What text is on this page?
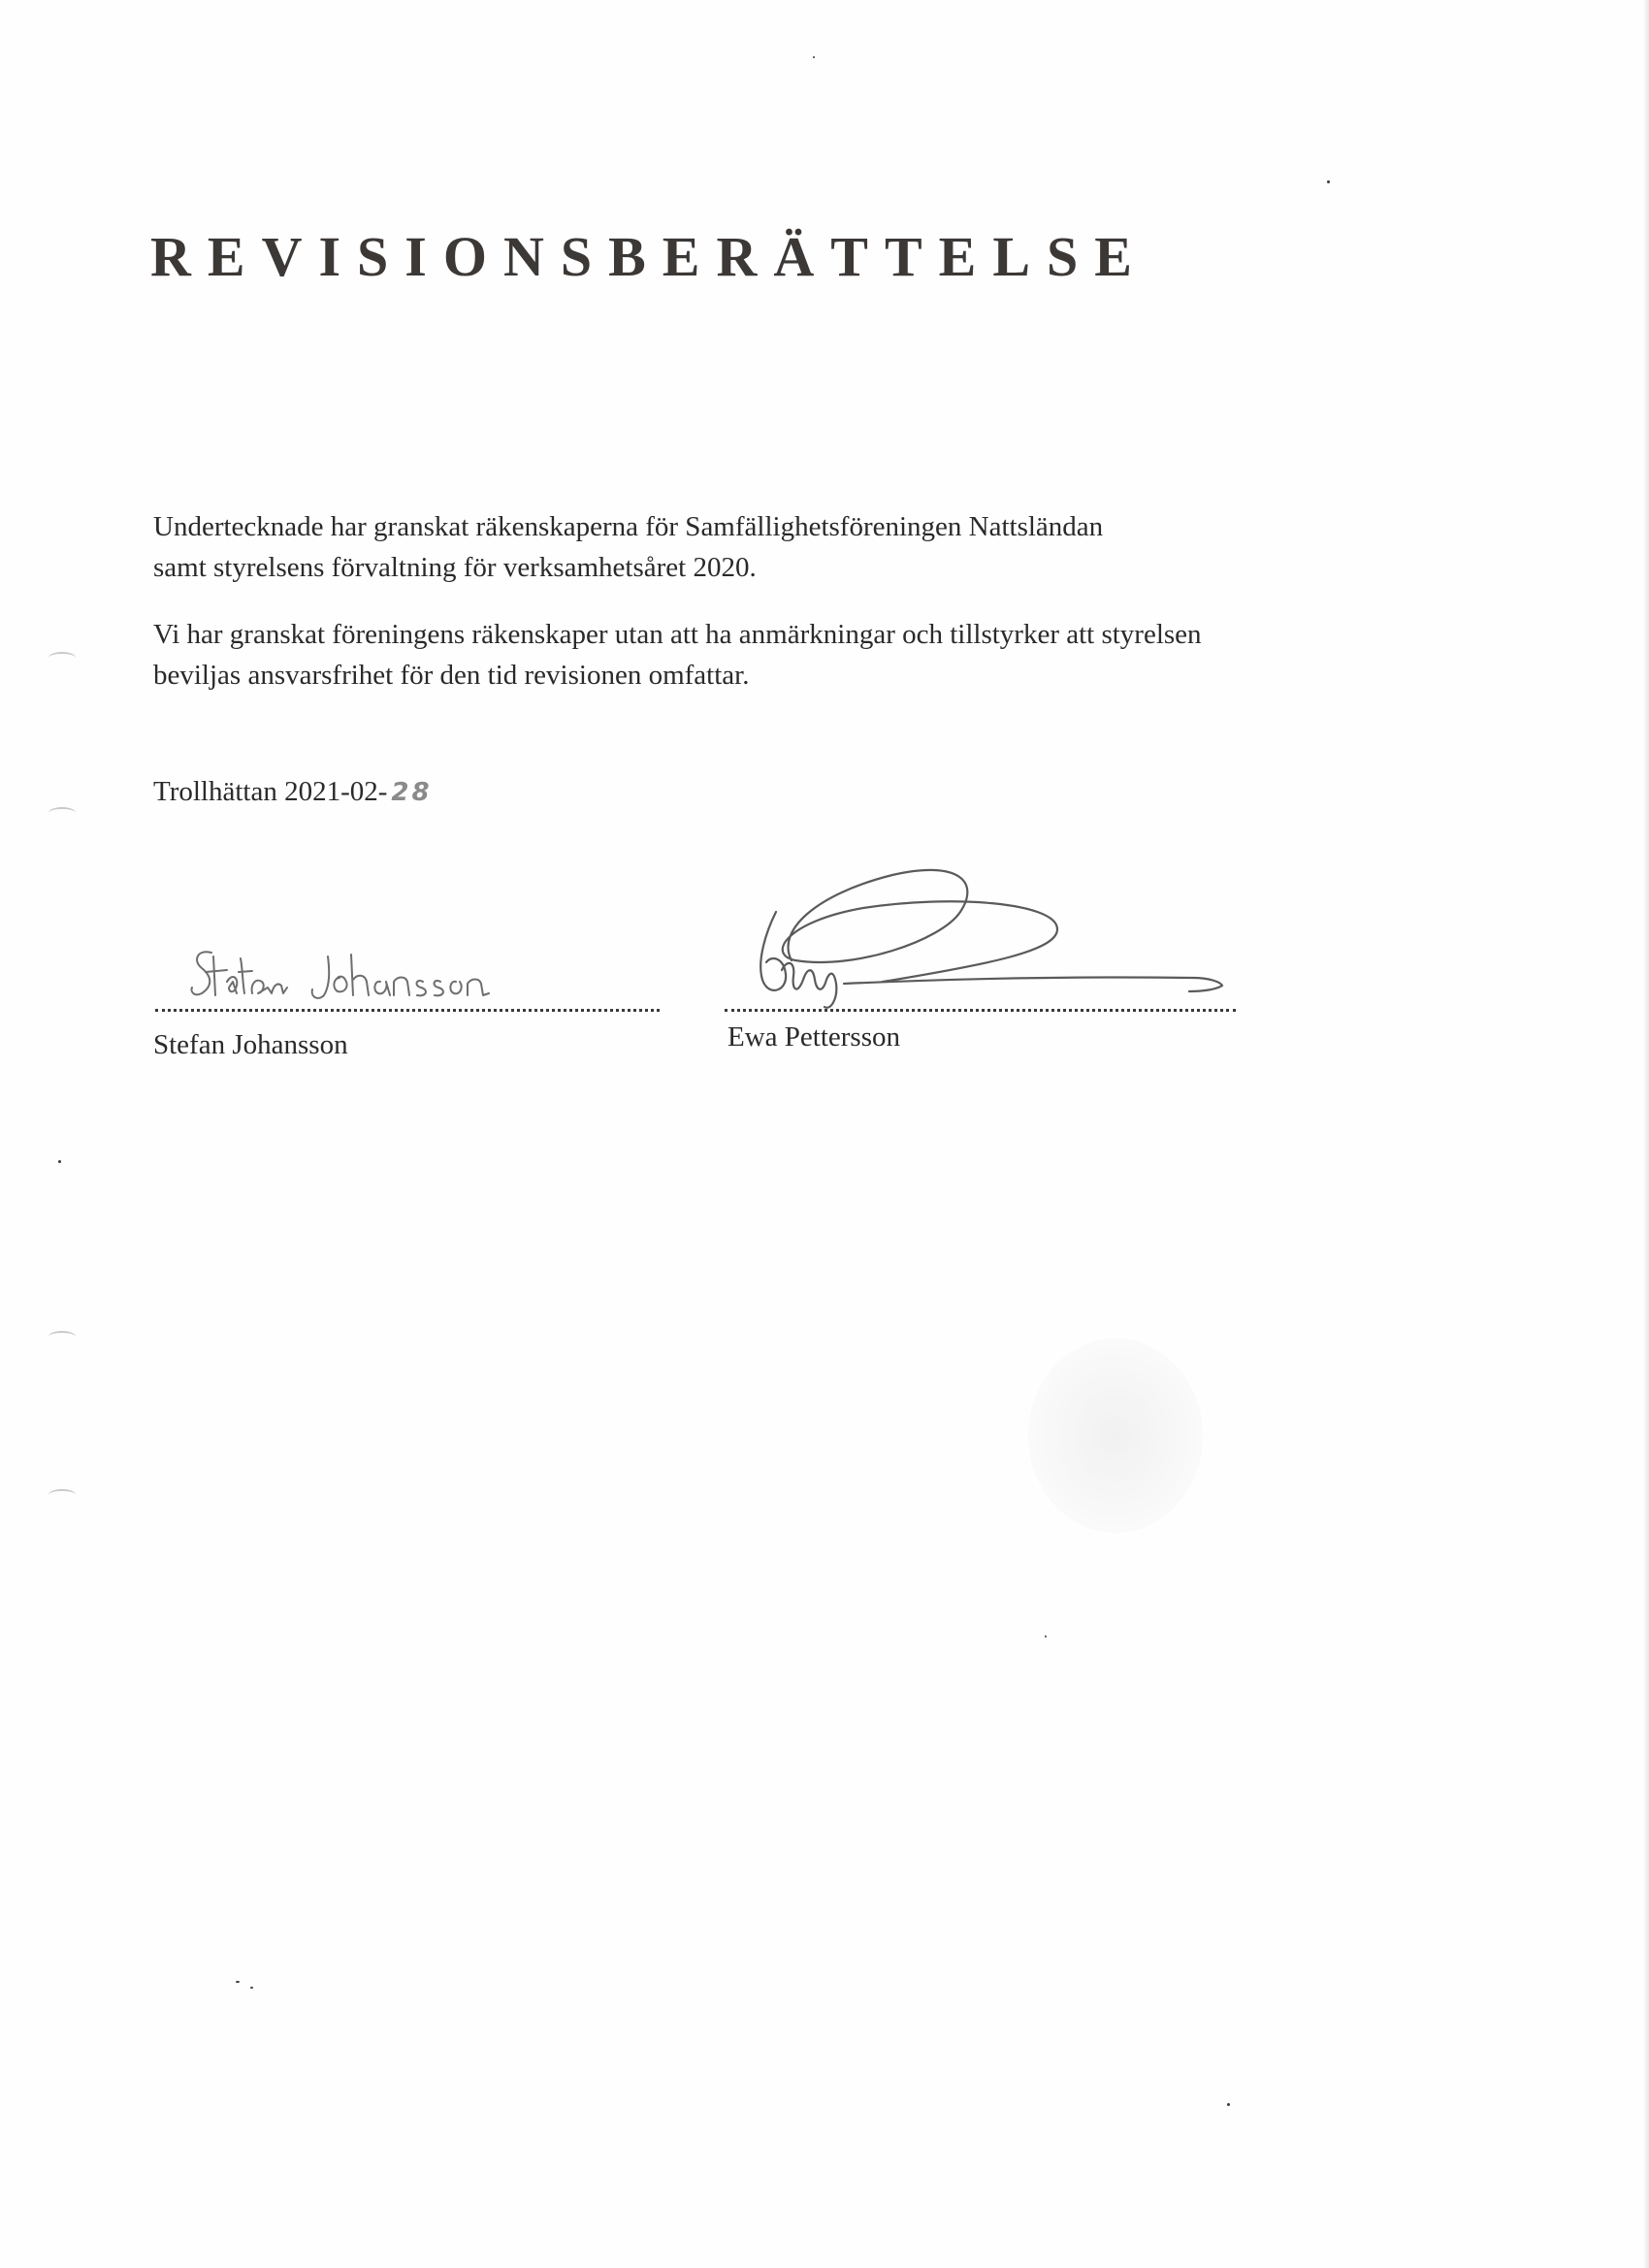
REVISIONSBERÄTTELSE
Undertecknade har granskat räkenskaperna för Samfällighetsföreningen Nattsländan
samt styrelsens förvaltning för verksamhetsåret 2020.
Vi har granskat föreningens räkenskaper utan att ha anmärkningar och tillstyrker att styrelsen
beviljas ansvarsfrihet för den tid revisionen omfattar.
Trollhättan 2021-02- 28
Stefan Johansson	Ewa Pettersson
